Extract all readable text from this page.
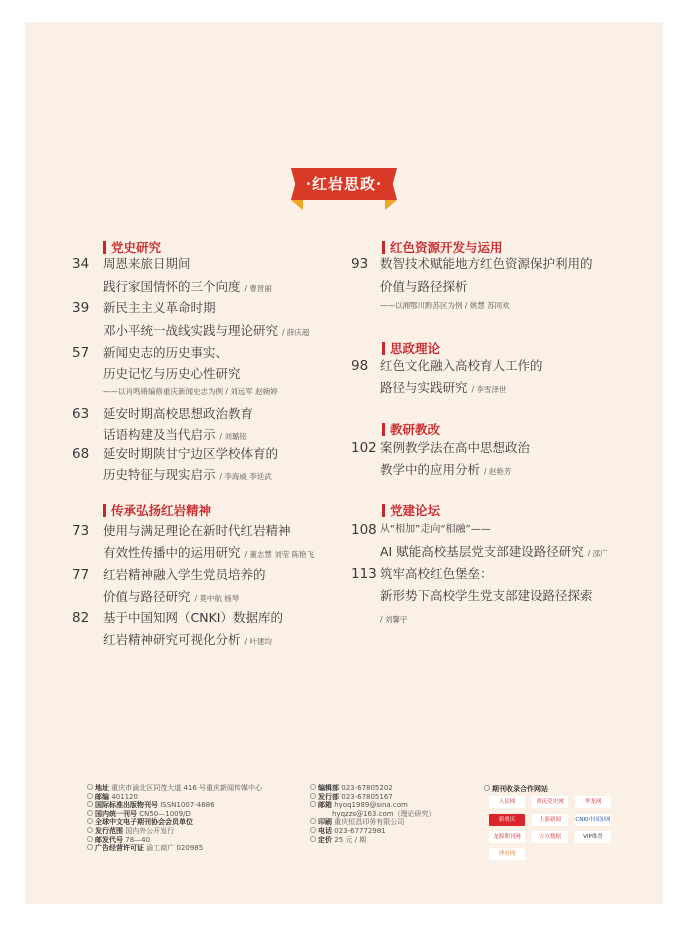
·红岩思政·
党史研究
34 周恩来旅日期间
践行家国情怀的三个向度 / 曹晋丽
39 新民主主义革命时期
邓小平统一战线实践与理论研究 / 薛庆超
57 新闻史志的历史事实、
历史记忆与历史心性研究
——以肖鸣锵编修重庆新闻史志为例 / 刘远军 赵婉婷
63 延安时期高校思想政治教育
话语构建及当代启示 / 刘璐铭
68 延安时期陕甘宁边区学校体育的
历史特征与现实启示 / 李海威 李廷武
传承弘扬红岩精神
73 使用与满足理论在新时代红岩精神
有效性传播中的运用研究 / 董志慧 刘莹 陈艳飞
77 红岩精神融入学生党员培养的
价值与路径研究 / 莫中航 杨琴
82 基于中国知网（CNKI）数据库的
红岩精神研究可视化分析 / 叶建均
红色资源开发与运用
93 数智技术赋能地方红色资源保护利用的
价值与路径探析
——以湘鄂川黔苏区为例 / 姚慧 苏同欢
思政理论
98 红色文化融入高校育人工作的
路径与实践研究 / 李雪泽世
教研教改
102 案例教学法在高中思想政治
教学中的应用分析 / 赵艳芳
党建论坛
108 从“相加”走向“相融”——
AI 赋能高校基层党支部建设路径研究 / 邵广
113 筑牢高校红色堡垒：
新形势下高校学生党支部建设路径探索
/ 刘馨宇
地址 重庆市渝北区同茂大道 416 号重庆新闻传媒中心
邮编 401120
国际标准出版物刊号 ISSN1007-4686
国内统一刊号 CN50—1009/D
全球中文电子期刊协会会员单位
发行范围 国内外公开发行
邮发代号 78—40
广告经营许可证 渝工商广 020985
编辑部 023-67805202
发行部 023-67805167
邮箱 hyoq1989@sina.com
hyqzzs@163.com（理论研究）
印刷 重庆恒昌印务有限公司
电话 023-67772981
定价 25 元 / 期
期刊收录合作网站
人民网	重庆党史网	华龙网
新重庆	上游新闻	CNKI中国知网
龙源期刊网	万方数据	VIP维普
博看网
